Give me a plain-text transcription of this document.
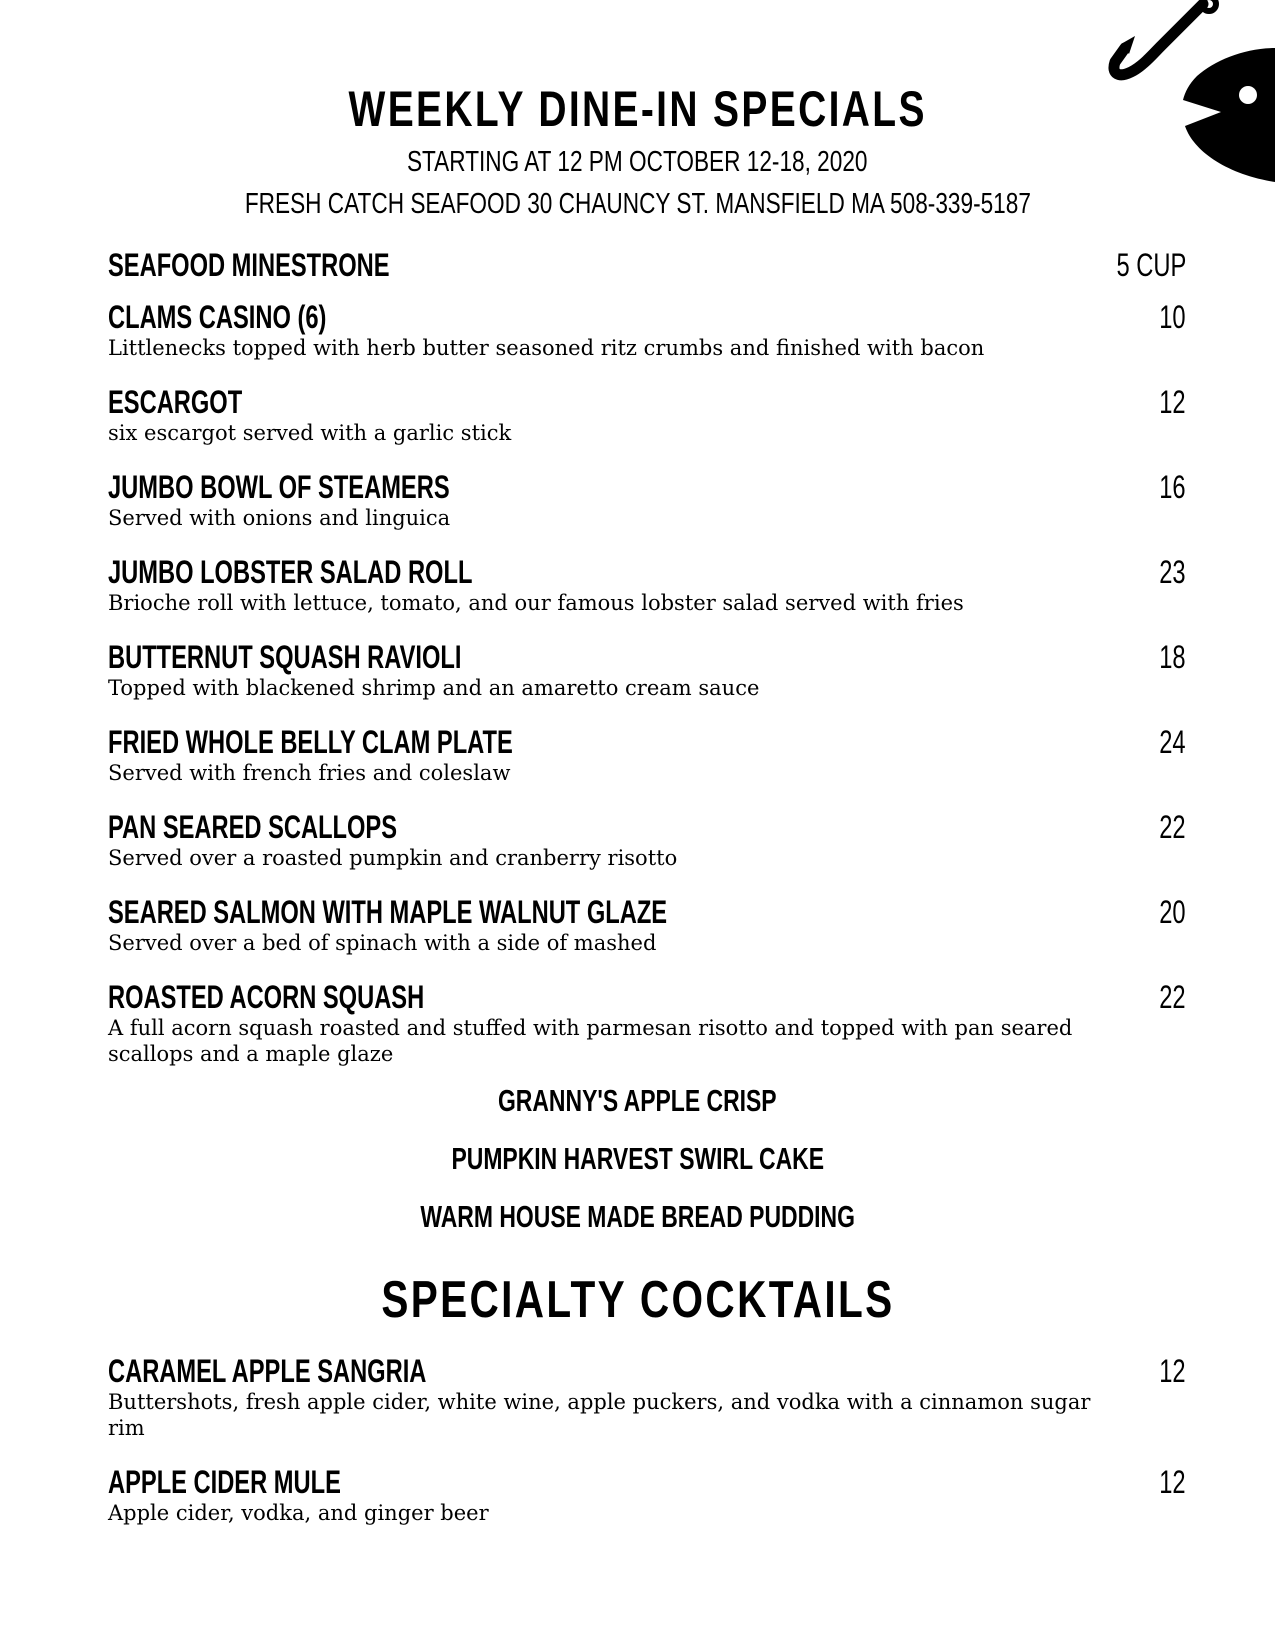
WEEKLY DINE-IN SPECIALS
STARTING AT 12 PM OCTOBER 12-18, 2020
FRESH CATCH SEAFOOD 30 CHAUNCY ST. MANSFIELD MA 508-339-5187
SEAFOOD MINESTRONE	5 CUP
CLAMS CASINO (6)	10
Littlenecks topped with herb butter seasoned ritz crumbs and finished with bacon
ESCARGOT	12
six escargot served with a garlic stick
JUMBO BOWL OF STEAMERS	16
Served with onions and linguica
JUMBO LOBSTER SALAD ROLL	23
Brioche roll with lettuce, tomato, and our famous lobster salad served with fries
BUTTERNUT SQUASH RAVIOLI	18
Topped with blackened shrimp and an amaretto cream sauce
FRIED WHOLE BELLY CLAM PLATE	24
Served with french fries and coleslaw
PAN SEARED SCALLOPS	22
Served over a roasted pumpkin and cranberry risotto
SEARED SALMON WITH MAPLE WALNUT GLAZE	20
Served over a bed of spinach with a side of mashed
ROASTED ACORN SQUASH	22
A full acorn squash roasted and stuffed with parmesan risotto and topped with pan seared scallops and a maple glaze
GRANNY'S APPLE CRISP
PUMPKIN HARVEST SWIRL CAKE
WARM HOUSE MADE BREAD PUDDING
SPECIALTY COCKTAILS
CARAMEL APPLE SANGRIA	12
Buttershots, fresh apple cider, white wine, apple puckers, and vodka with a cinnamon sugar rim
APPLE CIDER MULE	12
Apple cider, vodka, and ginger beer
